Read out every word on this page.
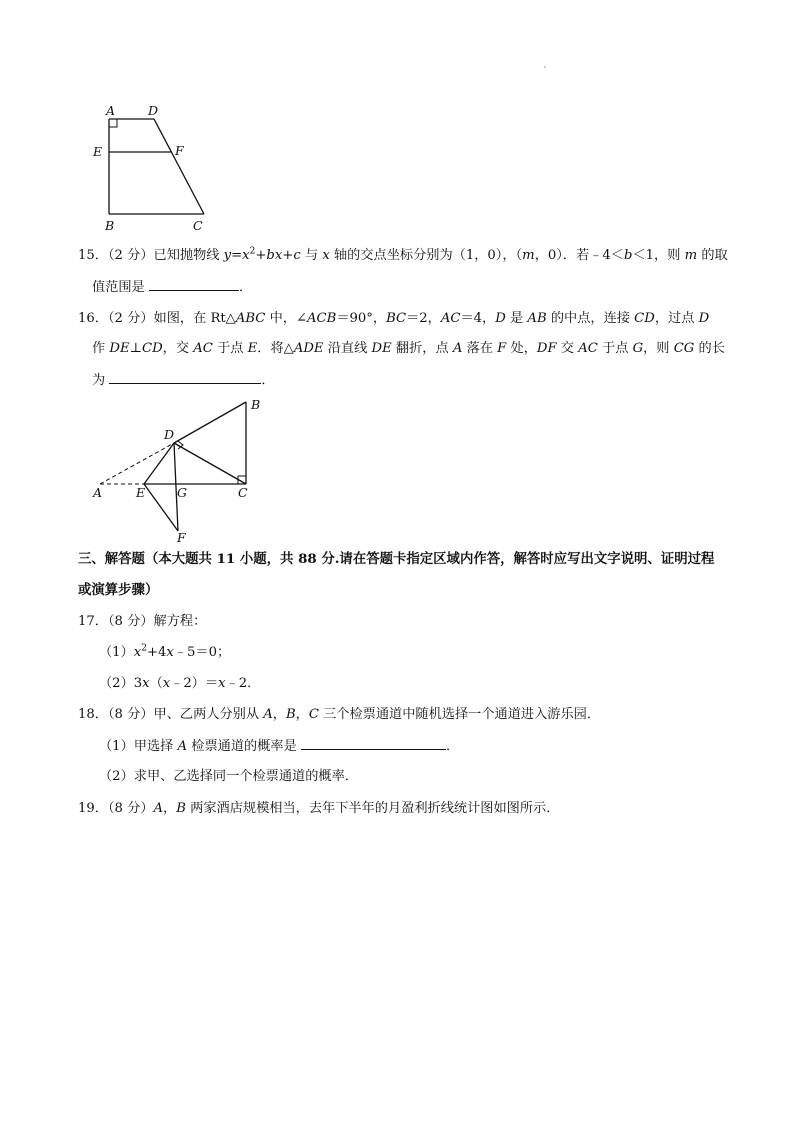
A	D
E	F
B	C
15．（2 分）已知抛物线 $y=x^2+bx+c$ 与 x 轴的交点坐标分别为（1，0），（m，0）．若﹣4＜b＜1，则 m 的取
值范围是	．
16．（2 分）如图，在 Rt△ABC 中，∠ACB＝90°，BC＝2，AC＝4，D 是 AB 的中点，连接 CD，过点 D
作 DE⊥CD，交 AC 于点 E．将△ADE 沿直线 DE 翻折，点 A 落在 F 处，DF 交 AC 于点 G，则 CG 的长
为	．
B
D
A	E	G	C
F
三、解答题（本大题共 11 小题，共 88 分.请在答题卡指定区域内作答，解答时应写出文字说明、证明过程
或演算步骤）
17．（8 分）解方程：
$(1)x^2+4x﹣5=0$；
（2）3x（x﹣2）＝x﹣2．
18．（8 分）甲、乙两人分别从 A，B，C 三个检票通道中随机选择一个通道进入游乐园．
（1）甲选择 A 检票通道的概率是	．
（2）求甲、乙选择同一个检票通道的概率．
19．（8 分）A，B 两家酒店规模相当，去年下半年的月盈利折线统计图如图所示．
